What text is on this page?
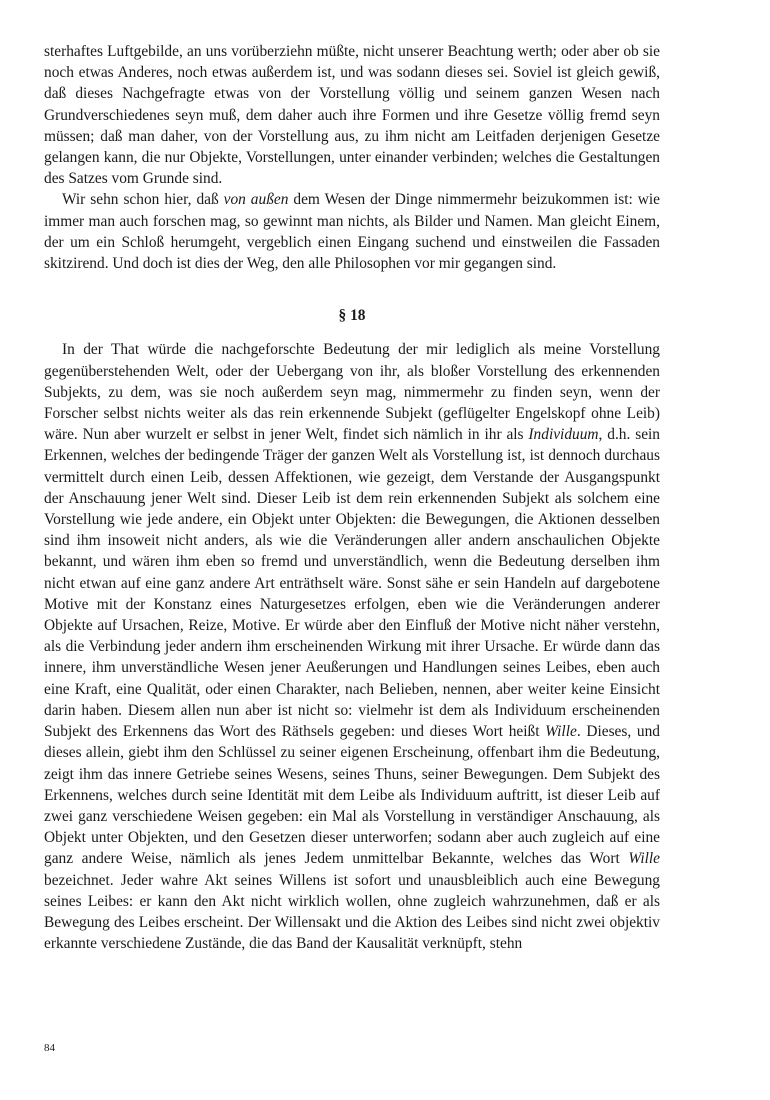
sterhaftes Luftgebilde, an uns vorüberziehn müßte, nicht unserer Beachtung werth; oder aber ob sie noch etwas Anderes, noch etwas außerdem ist, und was sodann dieses sei. Soviel ist gleich gewiß, daß dieses Nachgefragte etwas von der Vorstellung völlig und seinem ganzen Wesen nach Grundverschiedenes seyn muß, dem daher auch ihre Formen und ihre Gesetze völlig fremd seyn müssen; daß man daher, von der Vorstellung aus, zu ihm nicht am Leitfaden derjenigen Gesetze gelangen kann, die nur Objekte, Vorstellungen, unter einander verbinden; welches die Gestaltungen des Satzes vom Grunde sind.

Wir sehn schon hier, daß von außen dem Wesen der Dinge nimmermehr beizukommen ist: wie immer man auch forschen mag, so gewinnt man nichts, als Bilder und Namen. Man gleicht Einem, der um ein Schloß herumgeht, vergeblich einen Eingang suchend und einstweilen die Fassaden skitzirend. Und doch ist dies der Weg, den alle Philosophen vor mir gegangen sind.

§ 18

In der That würde die nachgeforschte Bedeutung der mir lediglich als meine Vorstellung gegenüberstehenden Welt, oder der Uebergang von ihr, als bloßer Vorstellung des erkennenden Subjekts, zu dem, was sie noch außerdem seyn mag, nimmermehr zu finden seyn, wenn der Forscher selbst nichts weiter als das rein erkennende Subjekt (geflügelter Engelskopf ohne Leib) wäre. Nun aber wurzelt er selbst in jener Welt, findet sich nämlich in ihr als Individuum, d.h. sein Erkennen, welches der bedingende Träger der ganzen Welt als Vorstellung ist, ist dennoch durchaus vermittelt durch einen Leib, dessen Affektionen, wie gezeigt, dem Verstande der Ausgangspunkt der Anschauung jener Welt sind. Dieser Leib ist dem rein erkennenden Subjekt als solchem eine Vorstellung wie jede andere, ein Objekt unter Objekten: die Bewegungen, die Aktionen desselben sind ihm insoweit nicht anders, als wie die Veränderungen aller andern anschaulichen Objekte bekannt, und wären ihm eben so fremd und unverständlich, wenn die Bedeutung derselben ihm nicht etwan auf eine ganz andere Art enträthselt wäre. Sonst sähe er sein Handeln auf dargebotene Motive mit der Konstanz eines Naturgesetzes erfolgen, eben wie die Veränderungen anderer Objekte auf Ursachen, Reize, Motive. Er würde aber den Einfluß der Motive nicht näher verstehn, als die Verbindung jeder andern ihm erscheinenden Wirkung mit ihrer Ursache. Er würde dann das innere, ihm unverständliche Wesen jener Aeußerungen und Handlungen seines Leibes, eben auch eine Kraft, eine Qualität, oder einen Charakter, nach Belieben, nennen, aber weiter keine Einsicht darin haben. Diesem allen nun aber ist nicht so: vielmehr ist dem als Individuum erscheinenden Subjekt des Erkennens das Wort des Räthsels gegeben: und dieses Wort heißt Wille. Dieses, und dieses allein, giebt ihm den Schlüssel zu seiner eigenen Erscheinung, offenbart ihm die Bedeutung, zeigt ihm das innere Getriebe seines Wesens, seines Thuns, seiner Bewegungen. Dem Subjekt des Erkennens, welches durch seine Identität mit dem Leibe als Individuum auftritt, ist dieser Leib auf zwei ganz verschiedene Weisen gegeben: ein Mal als Vorstellung in verständiger Anschauung, als Objekt unter Objekten, und den Gesetzen dieser unterworfen; sodann aber auch zugleich auf eine ganz andere Weise, nämlich als jenes Jedem unmittelbar Bekannte, welches das Wort Wille bezeichnet. Jeder wahre Akt seines Willens ist sofort und unausbleiblich auch eine Bewegung seines Leibes: er kann den Akt nicht wirklich wollen, ohne zugleich wahrzunehmen, daß er als Bewegung des Leibes erscheint. Der Willensakt und die Aktion des Leibes sind nicht zwei objektiv erkannte verschiedene Zustände, die das Band der Kausalität verknüpft, stehn

84
